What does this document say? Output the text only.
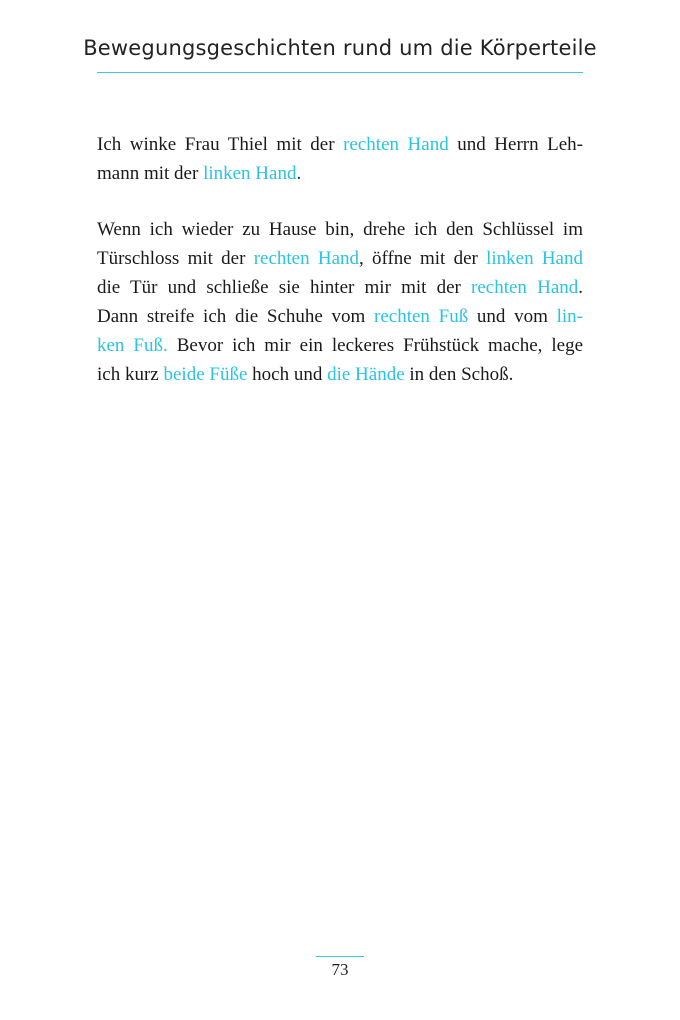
Bewegungsgeschichten rund um die Körperteile

Ich winke Frau Thiel mit der rechten Hand und Herrn Leh-
mann mit der linken Hand.

Wenn ich wieder zu Hause bin, drehe ich den Schlüssel im
Türschloss mit der rechten Hand, öffne mit der linken Hand
die Tür und schließe sie hinter mir mit der rechten Hand.
Dann streife ich die Schuhe vom rechten Fuß und vom lin-
ken Fuß. Bevor ich mir ein leckeres Frühstück mache, lege
ich kurz beide Füße hoch und die Hände in den Schoß.

73
